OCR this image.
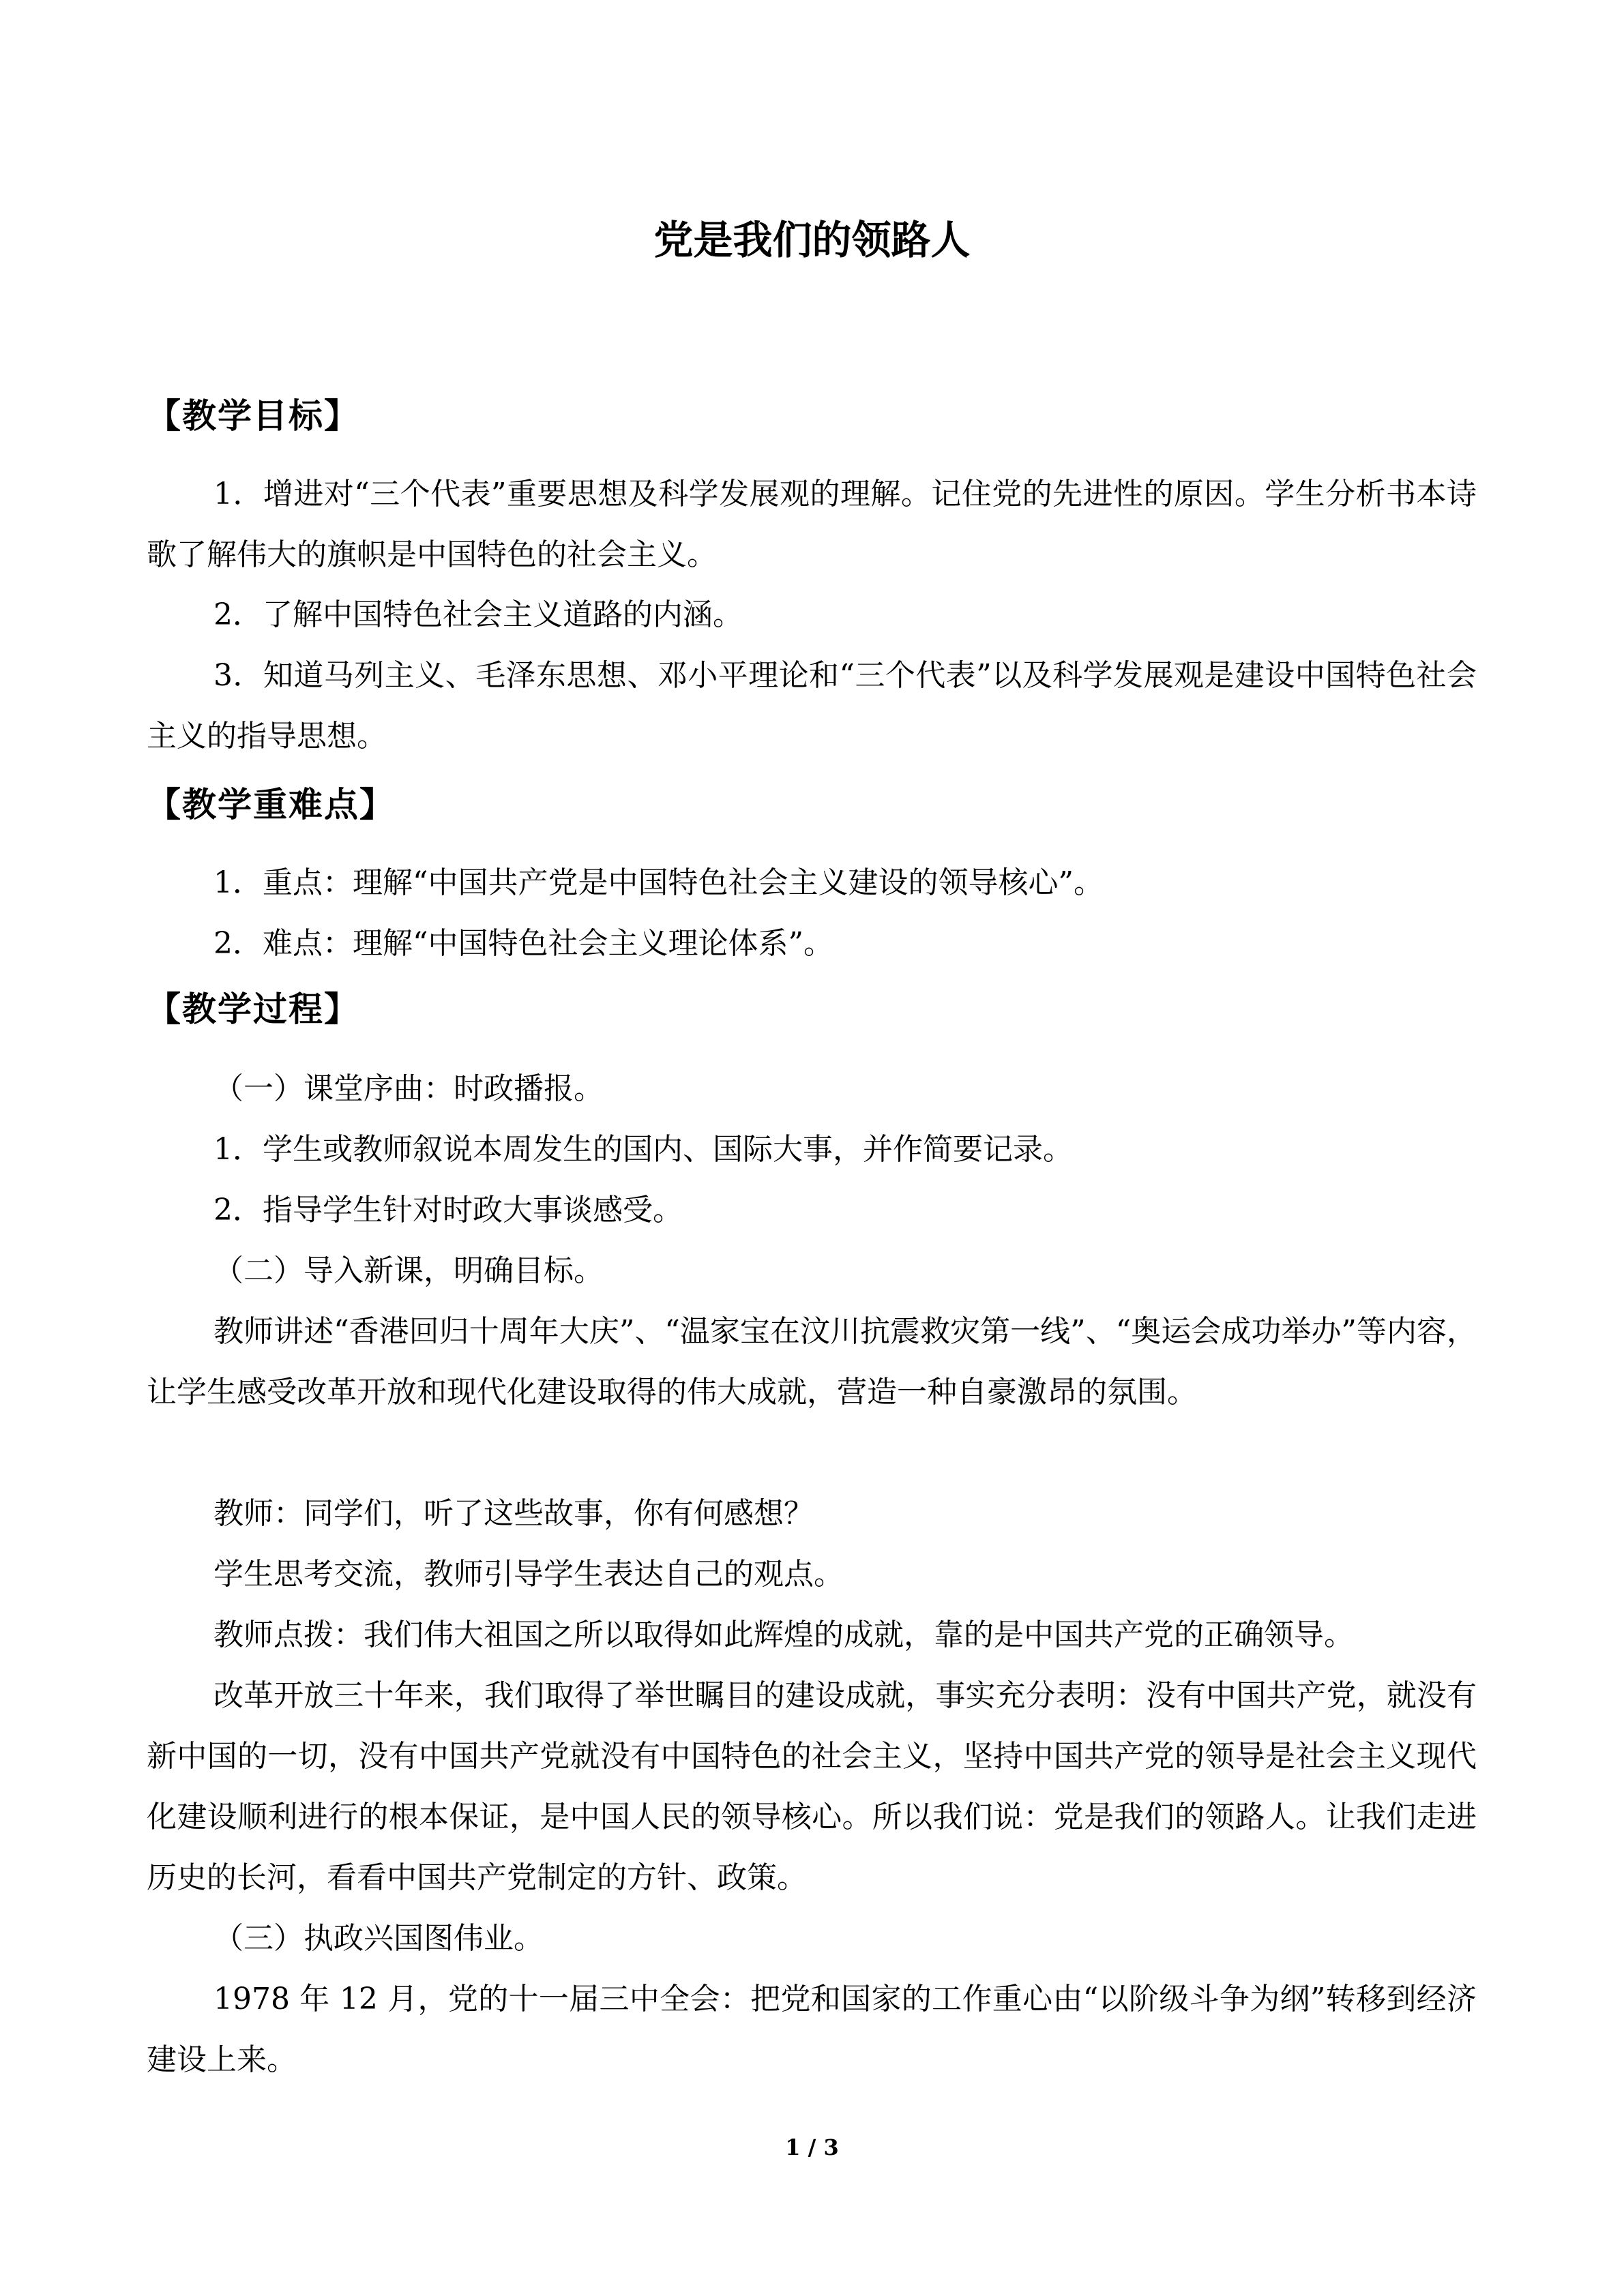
党是我们的领路人
【教学目标】

1．增进对“三个代表”重要思想及科学发展观的理解。记住党的先进性的原因。学生分析书本诗歌了解伟大的旗帜是中国特色的社会主义。

2．了解中国特色社会主义道路的内涵。

3．知道马列主义、毛泽东思想、邓小平理论和“三个代表”以及科学发展观是建设中国特色社会主义的指导思想。

【教学重难点】

1．重点：理解“中国共产党是中国特色社会主义建设的领导核心”。

2．难点：理解“中国特色社会主义理论体系”。

【教学过程】

（一）课堂序曲：时政播报。

1．学生或教师叙说本周发生的国内、国际大事，并作简要记录。

2．指导学生针对时政大事谈感受。

（二）导入新课，明确目标。

教师讲述“香港回归十周年大庆”、“温家宝在汶川抗震救灾第一线”、“奥运会成功举办”等内容，让学生感受改革开放和现代化建设取得的伟大成就，营造一种自豪激昂的氛围。

教师：同学们，听了这些故事，你有何感想？

学生思考交流，教师引导学生表达自己的观点。

教师点拨：我们伟大祖国之所以取得如此辉煌的成就，靠的是中国共产党的正确领导。

改革开放三十年来，我们取得了举世瞩目的建设成就，事实充分表明：没有中国共产党，就没有新中国的一切，没有中国共产党就没有中国特色的社会主义，坚持中国共产党的领导是社会主义现代化建设顺利进行的根本保证，是中国人民的领导核心。所以我们说：党是我们的领路人。让我们走进历史的长河，看看中国共产党制定的方针、政策。

（三）执政兴国图伟业。

1978 年 12 月，党的十一届三中全会：把党和国家的工作重心由“以阶级斗争为纲”转移到经济建设上来。

1 / 3
